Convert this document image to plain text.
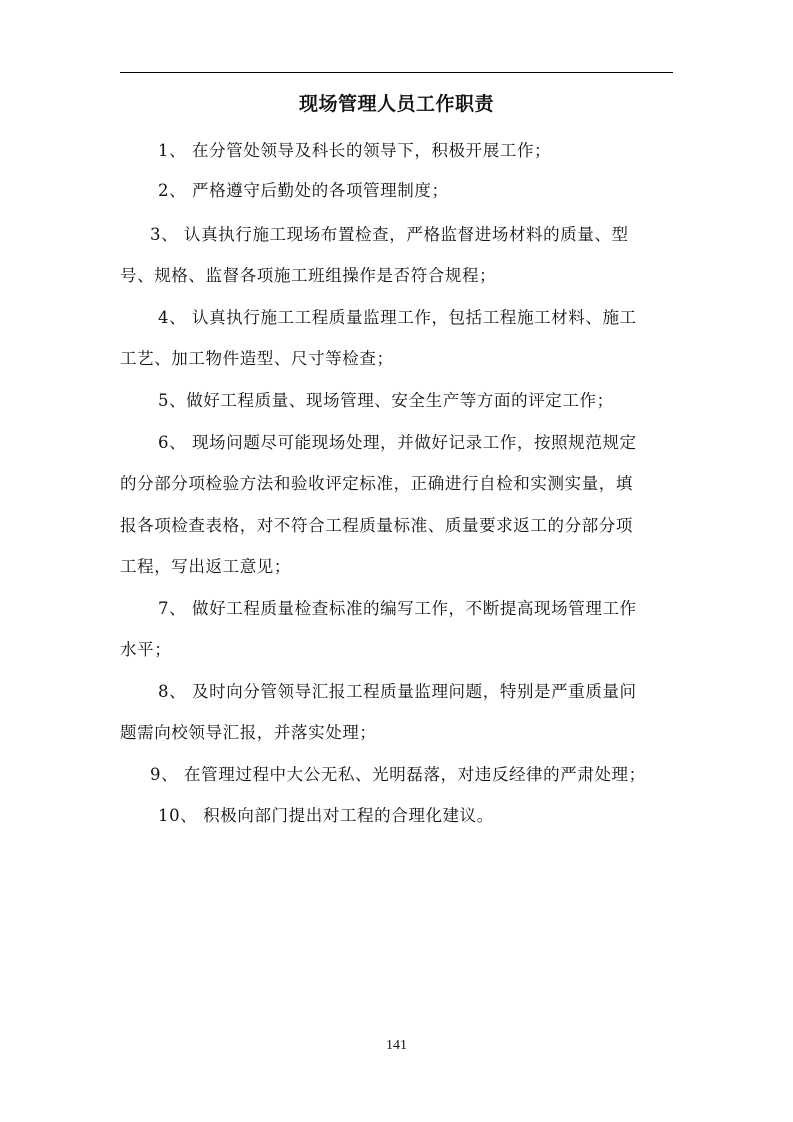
现场管理人员工作职责
1、 在分管处领导及科长的领导下，积极开展工作；
2、 严格遵守后勤处的各项管理制度；
3、 认真执行施工现场布置检查，严格监督进场材料的质量、型
号、规格、监督各项施工班组操作是否符合规程；
4、 认真执行施工工程质量监理工作，包括工程施工材料、施工
工艺、加工物件造型、尺寸等检查；
5、做好工程质量、现场管理、安全生产等方面的评定工作；
6、 现场问题尽可能现场处理，并做好记录工作，按照规范规定
的分部分项检验方法和验收评定标准，正确进行自检和实测实量，填
报各项检查表格，对不符合工程质量标准、质量要求返工的分部分项
工程，写出返工意见；
7、 做好工程质量检查标准的编写工作，不断提高现场管理工作
水平；
8、 及时向分管领导汇报工程质量监理问题，特别是严重质量问
题需向校领导汇报，并落实处理；
9、 在管理过程中大公无私、光明磊落，对违反经律的严肃处理；
10、 积极向部门提出对工程的合理化建议。
141
